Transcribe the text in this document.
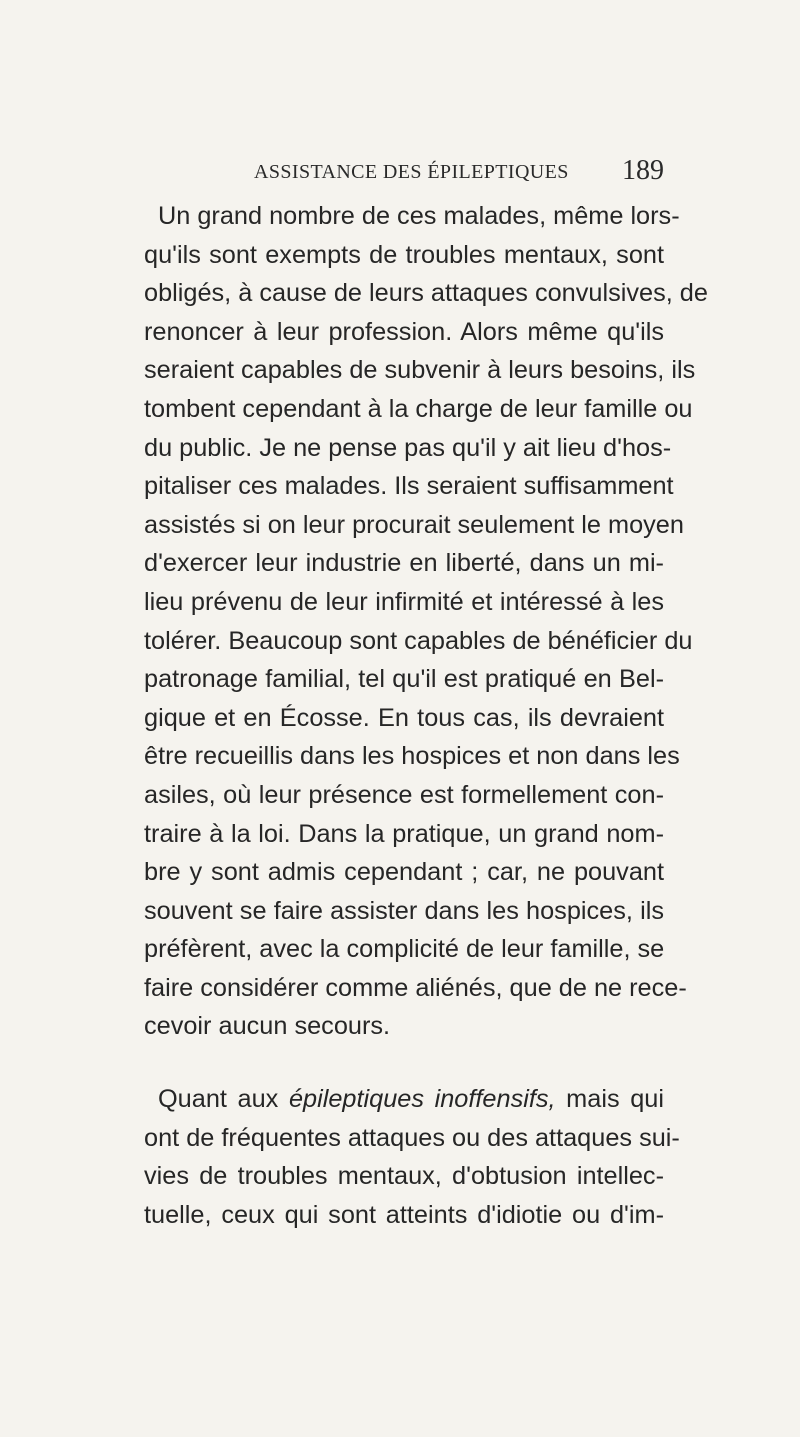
ASSISTANCE DES ÉPILEPTIQUES 189
Un grand nombre de ces malades, même lors-
qu'ils sont exempts de troubles mentaux, sont
obligés, à cause de leurs attaques convulsives, de
renoncer à leur profession. Alors même qu'ils
seraient capables de subvenir à leurs besoins, ils
tombent cependant à la charge de leur famille ou
du public. Je ne pense pas qu'il y ait lieu d'hos-
pitaliser ces malades. Ils seraient suffisamment
assistés si on leur procurait seulement le moyen
d'exercer leur industrie en liberté, dans un mi-
lieu prévenu de leur infirmité et intéressé à les
tolérer. Beaucoup sont capables de bénéficier du
patronage familial, tel qu'il est pratiqué en Bel-
gique et en Écosse. En tous cas, ils devraient
être recueillis dans les hospices et non dans les
asiles, où leur présence est formellement con-
traire à la loi. Dans la pratique, un grand nom-
bre y sont admis cependant ; car, ne pouvant
souvent se faire assister dans les hospices, ils
préfèrent, avec la complicité de leur famille, se
faire considérer comme aliénés, que de ne rece-
cevoir aucun secours.
Quant aux épileptiques inoffensifs, mais qui
ont de fréquentes attaques ou des attaques sui-
vies de troubles mentaux, d'obtusion intellec-
tuelle, ceux qui sont atteints d'idiotie ou d'im-
